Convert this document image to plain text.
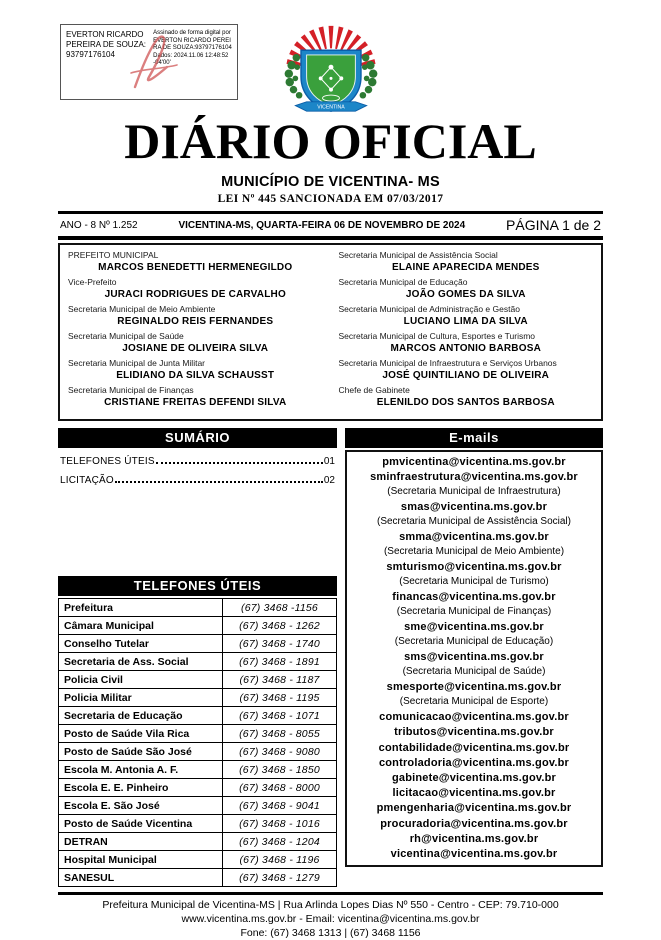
EVERTON RICARDO PEREIRA DE SOUZA:93797176104
Assinado de forma digital por EVERTON RICARDO PEREIRA DE SOUZA:93797176104 Dados: 2024.11.06 12:48:52 -04'00'
VICENTINA
DIÁRIO OFICIAL
MUNICÍPIO DE VICENTINA- MS
LEI Nº 445 SANCIONADA EM 07/03/2017
ANO - 8 Nº 1.252	VICENTINA-MS, QUARTA-FEIRA 06 DE NOVEMBRO DE 2024	PÁGINA 1 de 2
PREFEITO MUNICIPAL
MARCOS BENEDETTI HERMENEGILDO
Vice-Prefeito
JURACI RODRIGUES DE CARVALHO
Secretaria Municipal de Meio Ambiente
REGINALDO REIS FERNANDES
Secretaria Municipal de Saúde
JOSIANE DE OLIVEIRA SILVA
Secretaria Municipal de Junta Militar
ELIDIANO DA SILVA SCHAUSST
Secretaria Municipal de Finanças
CRISTIANE FREITAS DEFENDI SILVA
Secretaria Municipal de Assistência Social
ELAINE APARECIDA MENDES
Secretaria Municipal de Educação
JOÃO GOMES DA SILVA
Secretaria Municipal de Administração e Gestão
LUCIANO LIMA DA SILVA
Secretaria Municipal de Cultura, Esportes e Turismo
MARCOS ANTONIO BARBOSA
Secretaria Municipal de Infraestrutura e Serviços Urbanos
JOSÉ QUINTILIANO DE OLIVEIRA
Chefe de Gabinete
ELENILDO DOS SANTOS BARBOSA
SUMÁRIO
TELEFONES ÚTEIS	01
LICITAÇÃO	02
TELEFONES ÚTEIS
Prefeitura	(67) 3468 -1156
Câmara Municipal	(67) 3468 - 1262
Conselho Tutelar	(67) 3468 - 1740
Secretaria de Ass. Social	(67) 3468 - 1891
Policia Civil	(67) 3468 - 1187
Policia Militar	(67) 3468 - 1195
Secretaria de Educação	(67) 3468 - 1071
Posto de Saúde Vila Rica	(67) 3468 - 8055
Posto de Saúde São José	(67) 3468 - 9080
Escola M. Antonia A. F.	(67) 3468 - 1850
Escola E. E. Pinheiro	(67) 3468 - 8000
Escola E. São José	(67) 3468 - 9041
Posto de Saúde Vicentina	(67) 3468 - 1016
DETRAN	(67) 3468 - 1204
Hospital Municipal	(67) 3468 - 1196
SANESUL	(67) 3468 - 1279
E-mails
pmvicentina@vicentina.ms.gov.br
sminfraestrutura@vicentina.ms.gov.br
(Secretaria Municipal de Infraestrutura)
smas@vicentina.ms.gov.br
(Secretaria Municipal de Assistência Social)
smma@vicentina.ms.gov.br
(Secretaria Municipal de Meio Ambiente)
smturismo@vicentina.ms.gov.br
(Secretaria Municipal de Turismo)
financas@vicentina.ms.gov.br
(Secretaria Municipal de Finanças)
sme@vicentina.ms.gov.br
(Secretaria Municipal de Educação)
sms@vicentina.ms.gov.br
(Secretaria Municipal de Saúde)
smesporte@vicentina.ms.gov.br
(Secretaria Municipal de Esporte)
comunicacao@vicentina.ms.gov.br
tributos@vicentina.ms.gov.br
contabilidade@vicentina.ms.gov.br
controladoria@vicentina.ms.gov.br
gabinete@vicentina.ms.gov.br
licitacao@vicentina.ms.gov.br
pmengenharia@vicentina.ms.gov.br
procuradoria@vicentina.ms.gov.br
rh@vicentina.ms.gov.br
vicentina@vicentina.ms.gov.br
Prefeitura Municipal de Vicentina-MS | Rua Arlinda Lopes Dias Nº 550 - Centro - CEP: 79.710-000
www.vicentina.ms.gov.br - Email: vicentina@vicentina.ms.gov.br
Fone: (67) 3468 1313 | (67) 3468 1156
